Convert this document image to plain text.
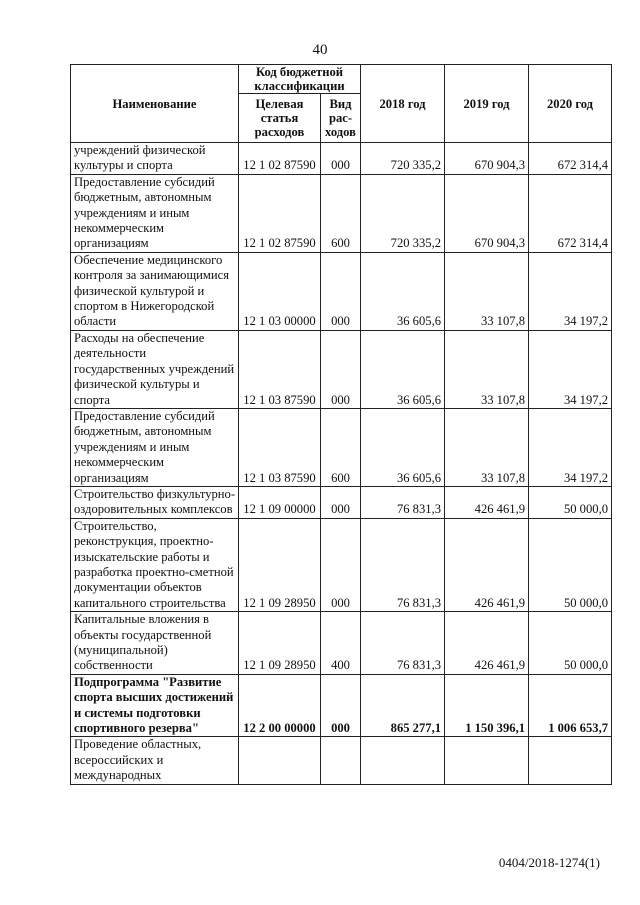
40
Наименование	Код бюджетной классификации		2018 год	2019 год	2020 год
	Целевая статья расходов	Вид рас-ходов			
учреждений физической культуры и спорта	12 1 02 87590	000	720 335,2	670 904,3	672 314,4
Предоставление субсидий бюджетным, автономным учреждениям и иным некоммерческим организациям	12 1 02 87590	600	720 335,2	670 904,3	672 314,4
Обеспечение медицинского контроля за занимающимися физической культурой и спортом в Нижегородской области	12 1 03 00000	000	36 605,6	33 107,8	34 197,2
Расходы на обеспечение деятельности государственных учреждений физической культуры и спорта	12 1 03 87590	000	36 605,6	33 107,8	34 197,2
Предоставление субсидий бюджетным, автономным учреждениям и иным некоммерческим организациям	12 1 03 87590	600	36 605,6	33 107,8	34 197,2
Строительство физкультурно-оздоровительных комплексов	12 1 09 00000	000	76 831,3	426 461,9	50 000,0
Строительство, реконструкция, проектно-изыскательские работы и разработка проектно-сметной документации объектов капитального строительства	12 1 09 28950	000	76 831,3	426 461,9	50 000,0
Капитальные вложения в объекты государственной (муниципальной) собственности	12 1 09 28950	400	76 831,3	426 461,9	50 000,0
Подпрограмма "Развитие спорта высших достижений и системы подготовки спортивного резерва"	12 2 00 00000	000	865 277,1	1 150 396,1	1 006 653,7
Проведение областных, всероссийских и международных					
0404/2018-1274(1)
